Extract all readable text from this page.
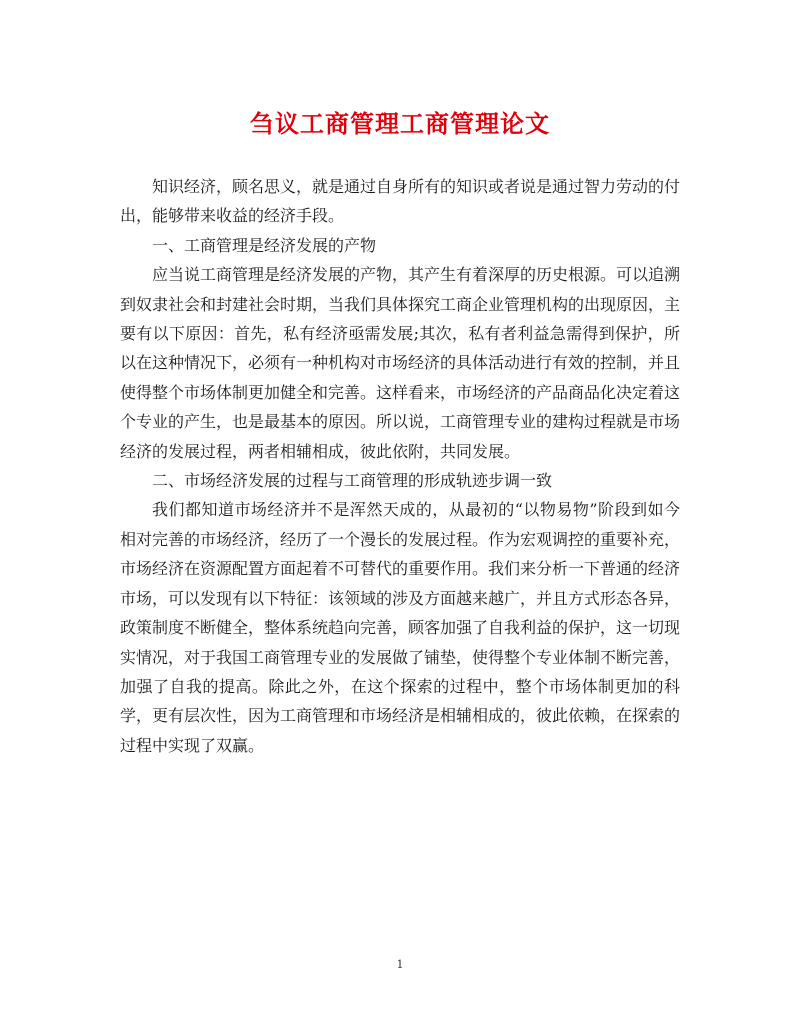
刍议工商管理工商管理论文

知识经济，顾名思义，就是通过自身所有的知识或者说是通过智力劳动的付出，能够带来收益的经济手段。

一、工商管理是经济发展的产物

应当说工商管理是经济发展的产物，其产生有着深厚的历史根源。可以追溯到奴隶社会和封建社会时期，当我们具体探究工商企业管理机构的出现原因，主要有以下原因：首先，私有经济亟需发展;其次，私有者利益急需得到保护，所以在这种情况下，必须有一种机构对市场经济的具体活动进行有效的控制，并且使得整个市场体制更加健全和完善。这样看来，市场经济的产品商品化决定着这个专业的产生，也是最基本的原因。所以说，工商管理专业的建构过程就是市场经济的发展过程，两者相辅相成，彼此依附，共同发展。

二、市场经济发展的过程与工商管理的形成轨迹步调一致

我们都知道市场经济并不是浑然天成的，从最初的“以物易物”阶段到如今相对完善的市场经济，经历了一个漫长的发展过程。作为宏观调控的重要补充，市场经济在资源配置方面起着不可替代的重要作用。我们来分析一下普通的经济市场，可以发现有以下特征：该领域的涉及方面越来越广，并且方式形态各异，政策制度不断健全，整体系统趋向完善，顾客加强了自我利益的保护，这一切现实情况，对于我国工商管理专业的发展做了铺垫，使得整个专业体制不断完善，加强了自我的提高。除此之外，在这个探索的过程中，整个市场体制更加的科学，更有层次性，因为工商管理和市场经济是相辅相成的，彼此依赖，在探索的过程中实现了双赢。

1
